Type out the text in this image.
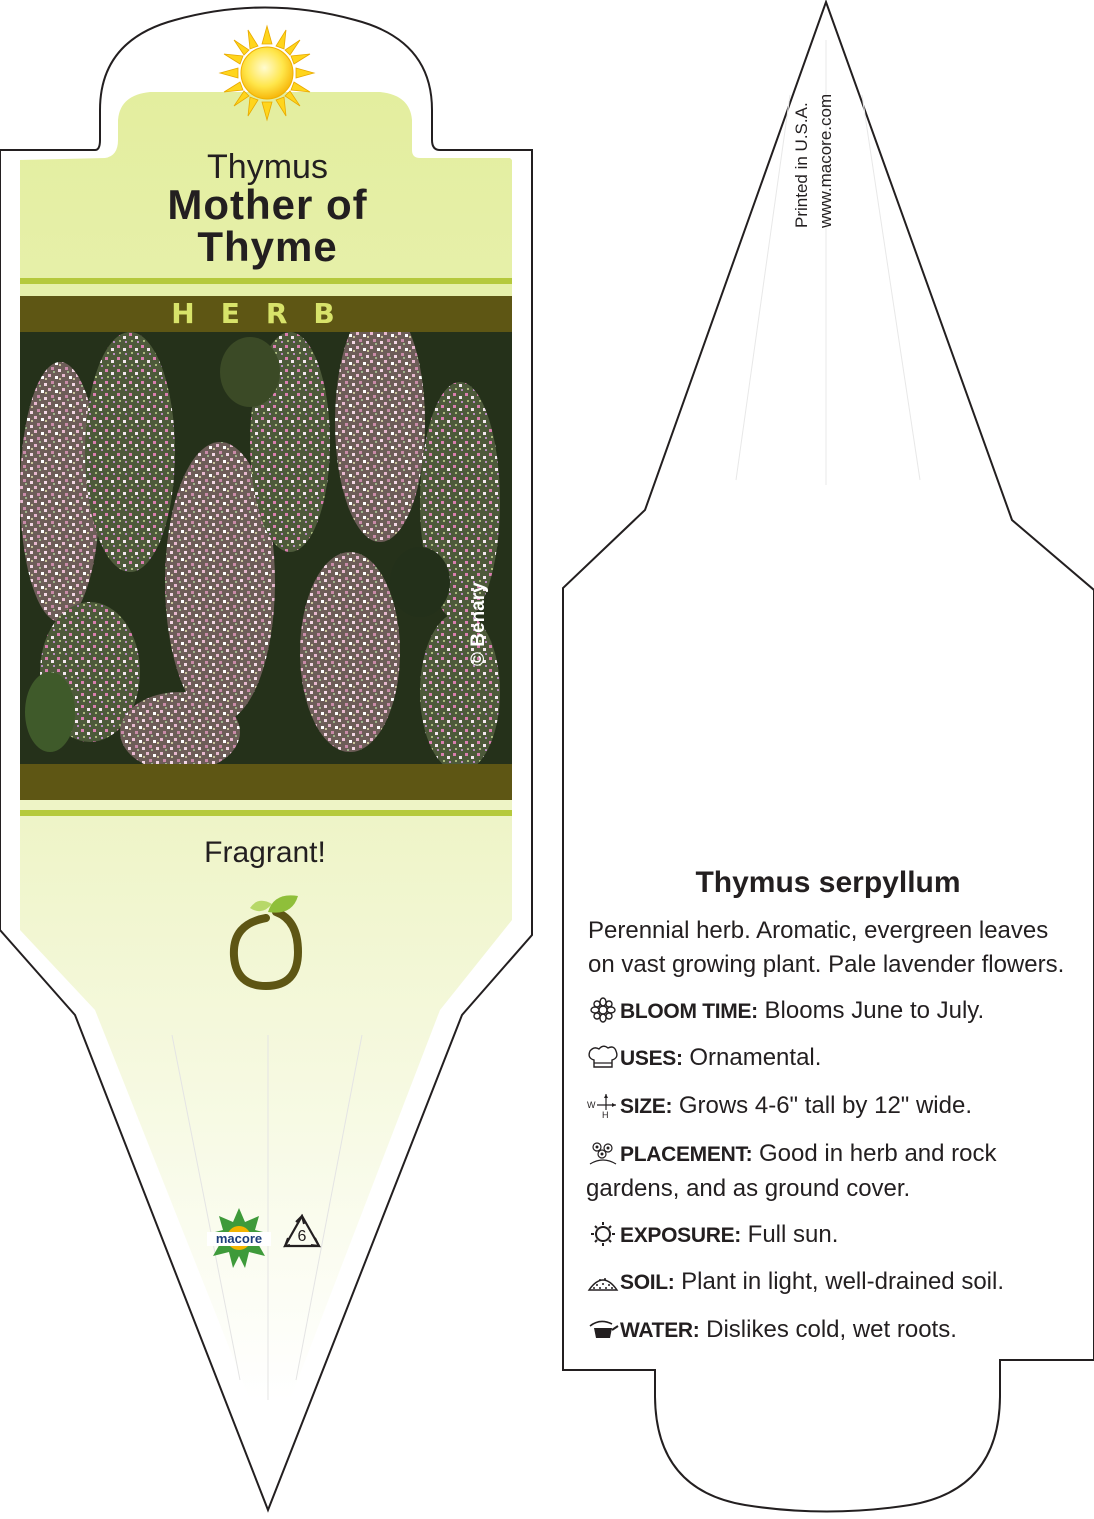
Thymus
Mother of
Thyme
HERB
© Benary
Fragrant!
macore	6
Printed in U.S.A. www.macore.com
Thymus serpyllum
Perennial herb. Aromatic, evergreen leaves on vast growing plant. Pale lavender flowers.
BLOOM TIME: Blooms June to July.
USES: Ornamental.
W
H SIZE: Grows 4-6" tall by 12" wide.
PLACEMENT: Good in herb and rock gardens, and as ground cover.
EXPOSURE: Full sun.
SOIL: Plant in light, well-drained soil.
WATER: Dislikes cold, wet roots.
